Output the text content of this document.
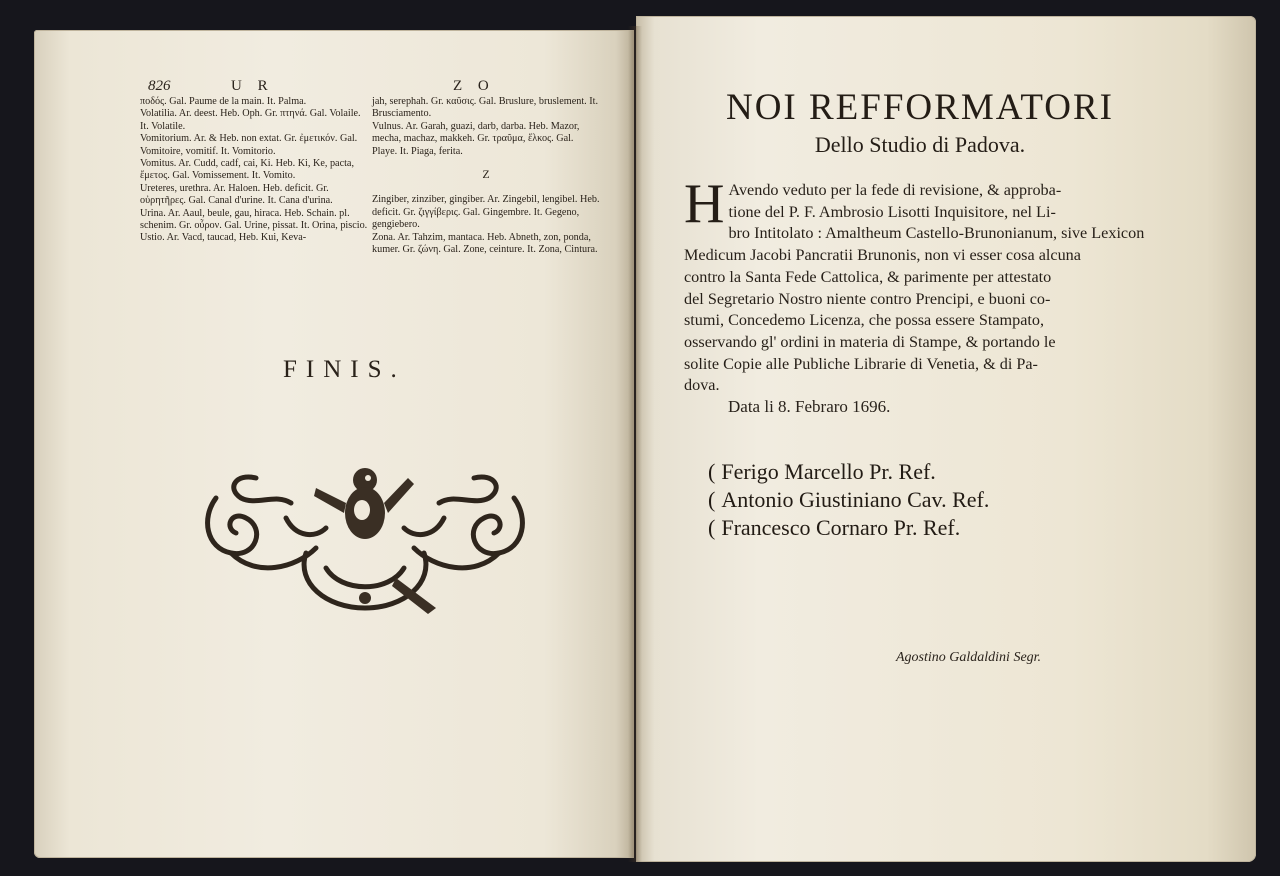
826	U R	Z O

ποδός. Gal. Paume de la main. It. Palma.

Volatilia. Ar. deest. Heb. Oph. Gr. πτηνά. Gal. Volaile. It. Volatile.

Vomitorium. Ar. & Heb. non extat. Gr. ἐμετικόν. Gal. Vomitoire, vomitif. It. Vomitorio.

Vomitus. Ar. Cudd, cadf, cai, Ki. Heb. Ki, Ke, pacta, ἔμετος. Gal. Vomissement. It. Vomito.

Ureteres, urethra. Ar. Haloen. Heb. deficit. Gr. οὐρητῆρες. Gal. Canal d'urine. It. Cana d'urina.

Urina. Ar. Aaul, beule, gau, hiraca. Heb. Schain. pl. schenim. Gr. οὖρον. Gal. Urine, pissat. It. Orina, piscio.

Ustio. Ar. Vacd, taucad, Heb. Kui, Keva-

jah, serephah. Gr. καῦσις. Gal. Bruslure, bruslement. It. Brusciamento.

Vulnus. Ar. Garah, guazi, darb, darba. Heb. Mazor, mecha, machaz, makkeh. Gr. τραῦμα, ἕλκος. Gal. Playe. It. Piaga, ferita.

Z

Zingiber, zinziber, gingiber. Ar. Zingebil, lengibel. Heb. deficit. Gr. ζιγγίβερις. Gal. Gingembre. It. Gegeno, gengiebero.

Zona. Ar. Tahzim, mantaca. Heb. Abneth, zon, ponda, kumer. Gr. ζώνη. Gal. Zone, ceinture. It. Zona, Cintura.

FINIS.
NOI REFFORMATORI
Dello Studio di Padova.
H Avendo veduto per la fede di revisione, & approba-
tione del P. F. Ambrosio Lisotti Inquisitore, nel Li-
bro Intitolato : Amaltheum Castello-Brunonianum, sive Lexicon
Medicum Jacobi Pancratii Brunonis, non vi esser cosa alcuna
contro la Santa Fede Cattolica, & parimente per attestato
del Segretario Nostro niente contro Prencipi, e buoni co-
stumi, Concedemo Licenza, che possa essere Stampato,
osservando gl' ordini in materia di Stampe, & portando le
solite Copie alle Publiche Librarie di Venetia, & di Pa-
dova.
Data li 8. Febraro 1696.
( Ferigo Marcello Pr. Ref.
( Antonio Giustiniano Cav. Ref.
( Francesco Cornaro Pr. Ref.
Agostino Galdaldini Segr.
